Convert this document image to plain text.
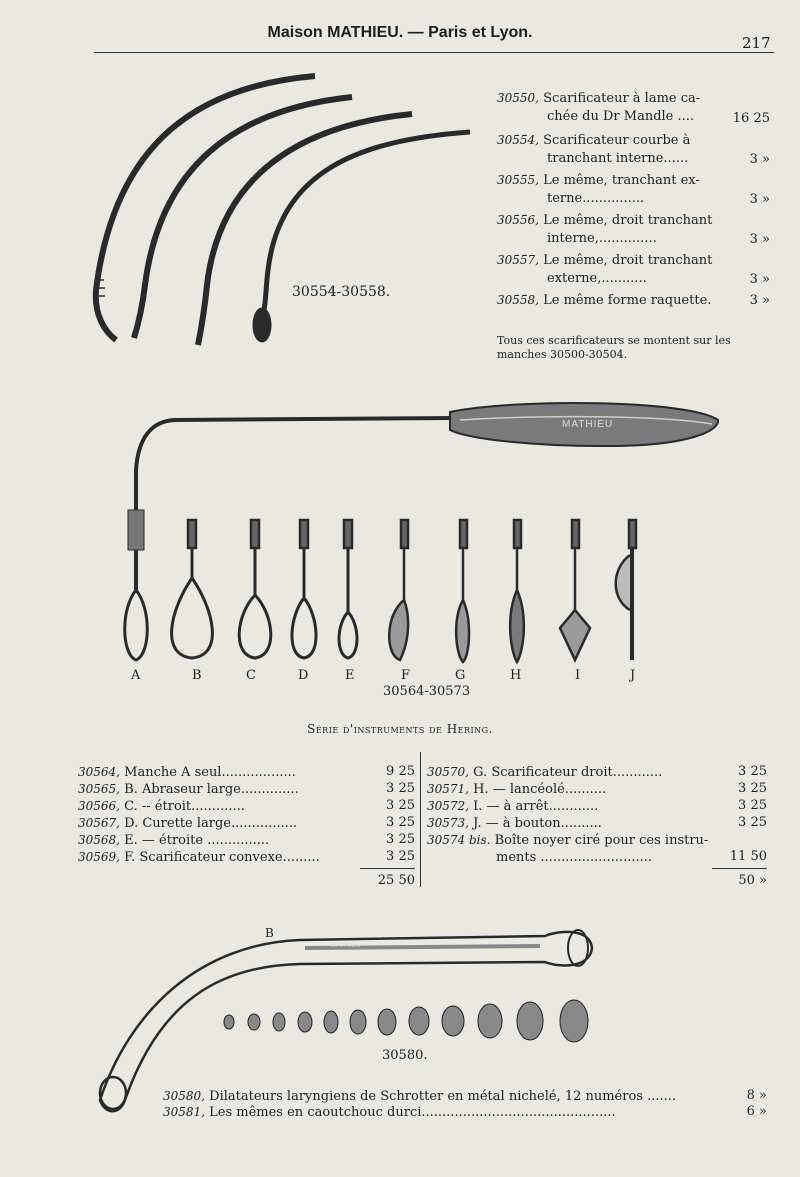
Maison MATHIEU. — Paris et Lyon.
217
30550, Scarificateur à lame ca-
chée du Dr Mandle ....	16 25
30554, Scarificateur courbe à
tranchant interne......	3 »
30555, Le même, tranchant ex-
terne...............	3 »
30556, Le même, droit tranchant
interne,..............	3 »
30557, Le même, droit tranchant
externe,...........	3 »
30558, Le même forme raquette.	3 »
Tous ces scarificateurs se montent sur les manches 30500-30504.
30554-30558.
MATHIEU
A	B	C	D	E	F	G	H	I	J
30564-30573
Série d'instruments de Hering.
30564, Manche A seul..................	9 25
30565, B. Abraseur large..............	3 25
30566, C. -- étroit.............	3 25
30567, D. Curette large................	3 25
30568, E. — étroite ...............	3 25
30569, F. Scarificateur convexe.........	3 25
25 50
30570, G. Scarificateur droit............	3 25
30571, H. — lancéolé..........	3 25
30572, I. — à arrêt............	3 25
30573, J. — à bouton..........	3 25
30574 bis. Boîte noyer ciré pour ces instru-
ments ...........................	11 50
50 »
B
MATHIEU
30580.
30580, Dilatateurs laryngiens de Schrotter en métal nichelé, 12 numéros .......	8 »
30581, Les mêmes en caoutchouc durci...............................................	6 »
